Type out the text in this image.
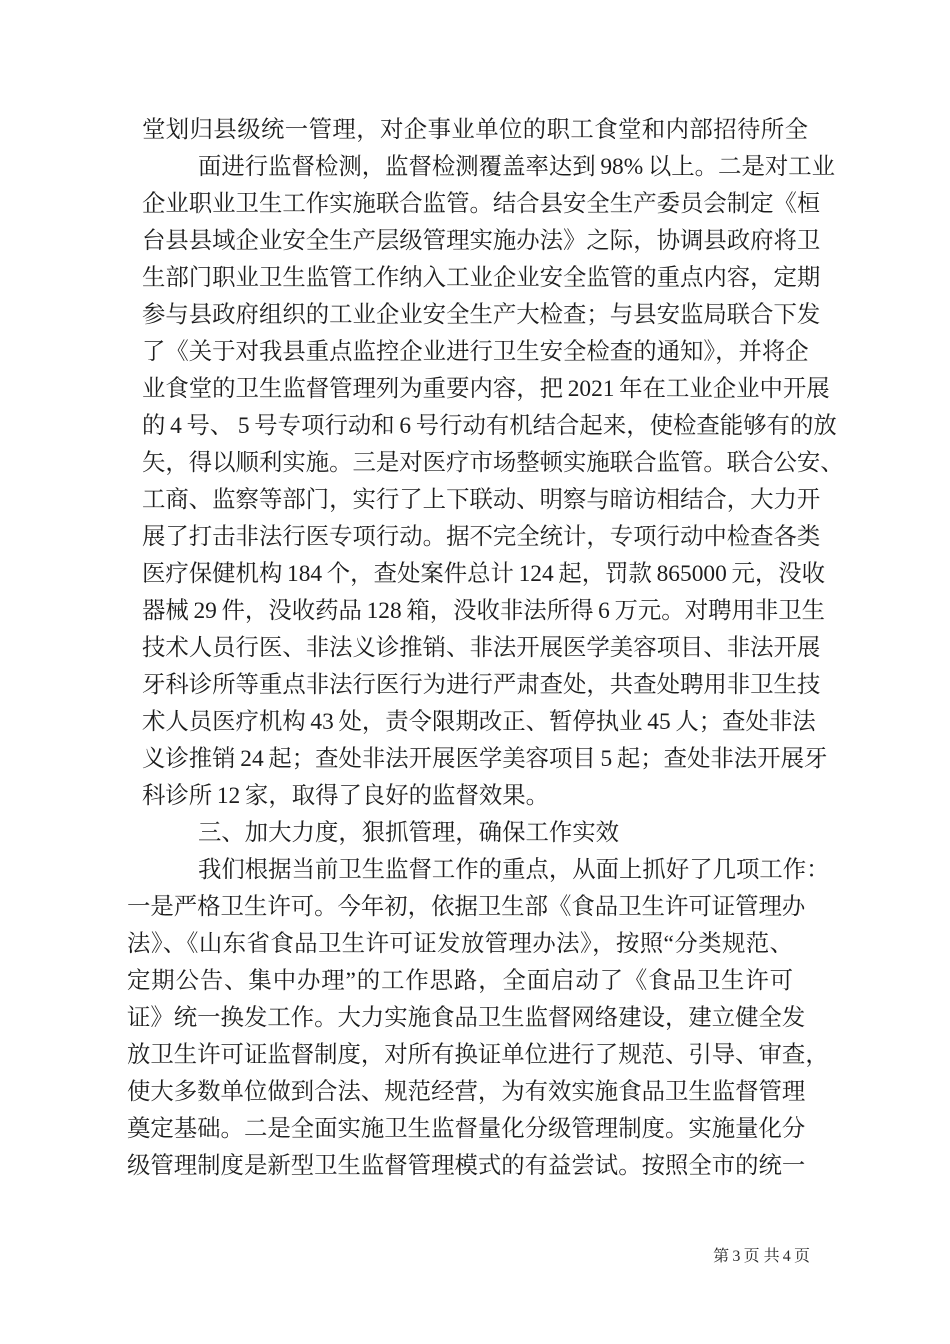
堂划归县级统一管理，对企事业单位的职工食堂和内部招待所全
面进行监督检测，监督检测覆盖率达到 98% 以上。二是对工业
企业职业卫生工作实施联合监管。结合县安全生产委员会制定《桓
台县县域企业安全生产层级管理实施办法》之际，协调县政府将卫
生部门职业卫生监管工作纳入工业企业安全监管的重点内容，定期
参与县政府组织的工业企业安全生产大检查；与县安监局联合下发
了《关于对我县重点监控企业进行卫生安全检查的通知》，并将企
业食堂的卫生监督管理列为重要内容，把 2021 年在工业企业中开展
的 4 号、 5 号专项行动和 6 号行动有机结合起来，使检查能够有的放
矢，得以顺利实施。三是对医疗市场整顿实施联合监管。联合公安、
工商、监察等部门，实行了上下联动、明察与暗访相结合，大力开
展了打击非法行医专项行动。据不完全统计，专项行动中检查各类
医疗保健机构 184 个，查处案件总计 124 起，罚款 865000 元，没收
器械 29 件，没收药品 128 箱，没收非法所得 6 万元。对聘用非卫生
技术人员行医、非法义诊推销、非法开展医学美容项目、非法开展
牙科诊所等重点非法行医行为进行严肃查处，共查处聘用非卫生技
术人员医疗机构 43 处，责令限期改正、暂停执业 45 人；查处非法
义诊推销 24 起；查处非法开展医学美容项目 5 起；查处非法开展牙
科诊所 12 家，取得了良好的监督效果。
三、加大力度，狠抓管理，确保工作实效
我们根据当前卫生监督工作的重点，从面上抓好了几项工作：
一是严格卫生许可。今年初，依据卫生部《食品卫生许可证管理办
法》、《山东省食品卫生许可证发放管理办法》，按照“分类规范、
定期公告、集中办理”的工作思路，全面启动了《食品卫生许可
证》统一换发工作。大力实施食品卫生监督网络建设，建立健全发
放卫生许可证监督制度，对所有换证单位进行了规范、引导、审查，
使大多数单位做到合法、规范经营，为有效实施食品卫生监督管理
奠定基础。二是全面实施卫生监督量化分级管理制度。实施量化分
级管理制度是新型卫生监督管理模式的有益尝试。按照全市的统一
第 3 页 共 4 页
